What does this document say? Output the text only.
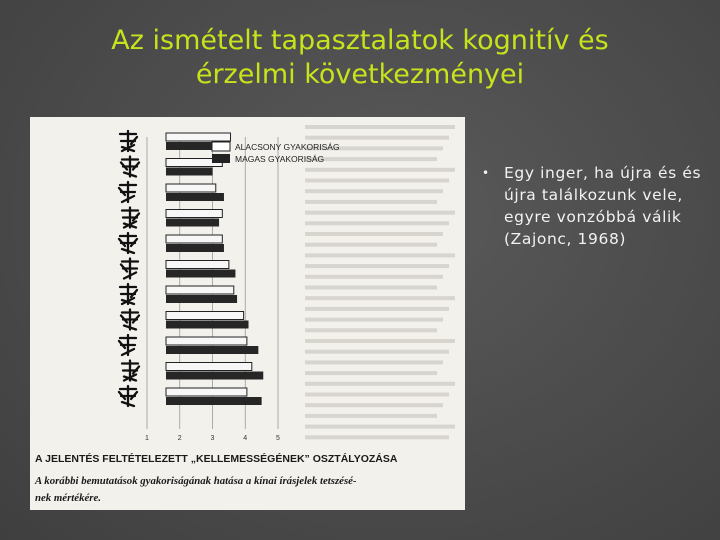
Az ismételt tapasztalatok kognitív és
érzelmi következményei
ALACSONY GYAKORISÁG
MAGAS GYAKORISÁG
1	2	3	4	5
A JELENTÉS FELTÉTELEZETT „KELLEMESSÉGÉNEK” OSZTÁLYOZÁSA
A korábbi bemutatások gyakoriságának hatása a kínai írásjelek tetszésé-
nek mértékére.
• Egy inger, ha újra és és újra találkozunk vele, egyre vonzóbbá válik (Zajonc, 1968)
